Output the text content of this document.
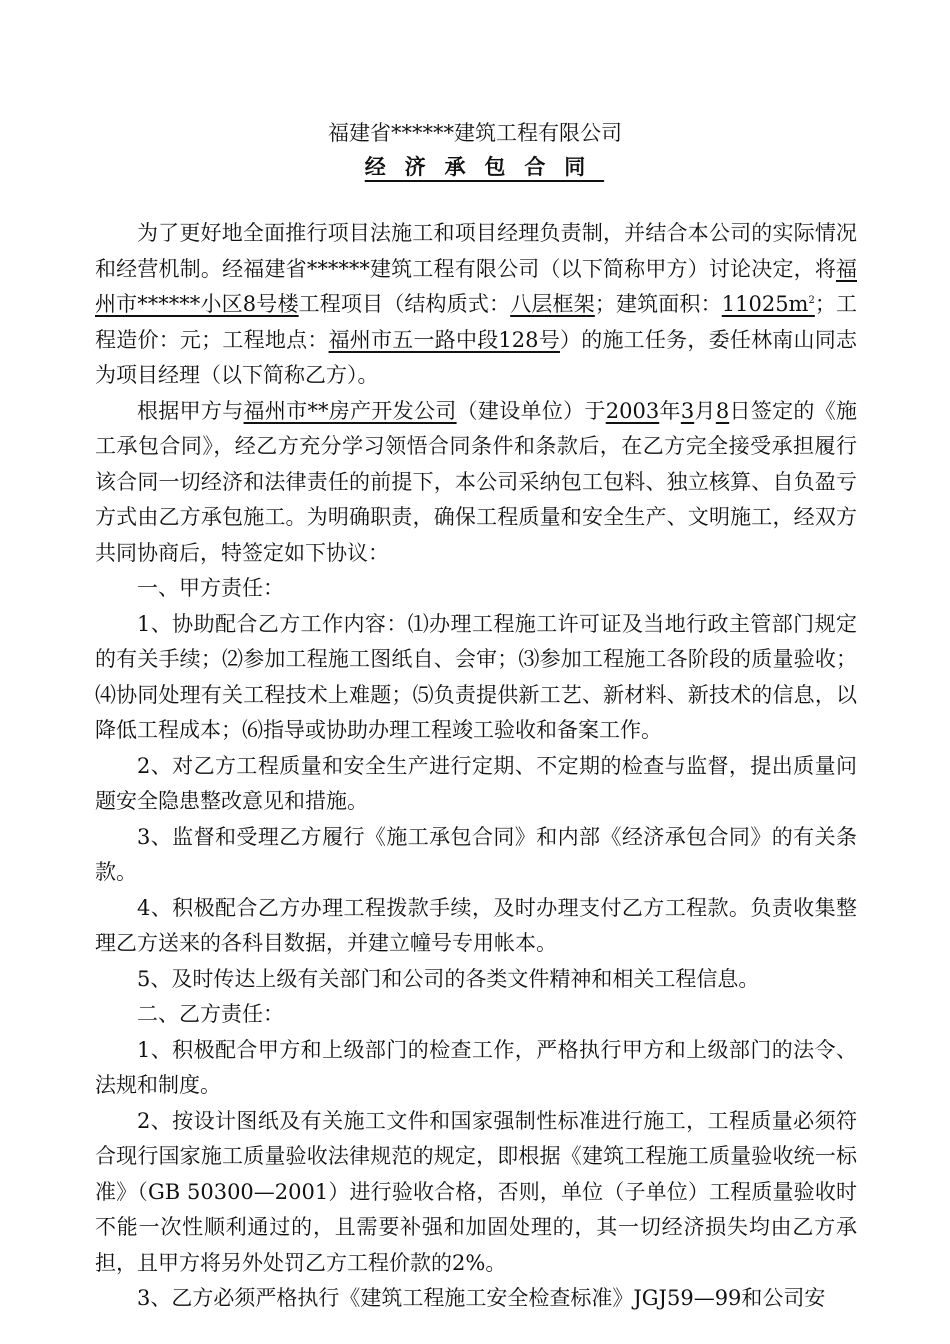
福建省******建筑工程有限公司
经济承包合同

为了更好地全面推行项目法施工和项目经理负责制，并结合本公司的实际情况和经营机制。经福建省******建筑工程有限公司（以下简称甲方）讨论决定，将福州市******小区8号楼工程项目（结构质式：八层框架；建筑面积：$11025m^2$；工程造价：元；工程地点：福州市五一路中段128号）的施工任务，委任林南山同志为项目经理（以下简称乙方）。

根据甲方与福州市**房产开发公司（建设单位）于2003年3月8日签定的《施工承包合同》，经乙方充分学习领悟合同条件和条款后，在乙方完全接受承担履行该合同一切经济和法律责任的前提下，本公司采纳包工包料、独立核算、自负盈亏方式由乙方承包施工。为明确职责，确保工程质量和安全生产、文明施工，经双方共同协商后，特签定如下协议：

一、甲方责任：

1、协助配合乙方工作内容：⑴办理工程施工许可证及当地行政主管部门规定的有关手续；⑵参加工程施工图纸自、会审；⑶参加工程施工各阶段的质量验收；⑷协同处理有关工程技术上难题；⑸负责提供新工艺、新材料、新技术的信息，以降低工程成本；⑹指导或协助办理工程竣工验收和备案工作。

2、对乙方工程质量和安全生产进行定期、不定期的检查与监督，提出质量问题安全隐患整改意见和措施。

3、监督和受理乙方履行《施工承包合同》和内部《经济承包合同》的有关条款。

4、积极配合乙方办理工程拨款手续，及时办理支付乙方工程款。负责收集整理乙方送来的各科目数据，并建立幢号专用帐本。

5、及时传达上级有关部门和公司的各类文件精神和相关工程信息。

二、乙方责任：

1、积极配合甲方和上级部门的检查工作，严格执行甲方和上级部门的法令、法规和制度。

2、按设计图纸及有关施工文件和国家强制性标准进行施工，工程质量必须符合现行国家施工质量验收法律规范的规定，即根据《建筑工程施工质量验收统一标准》（GB 50300—2001）进行验收合格，否则，单位（子单位）工程质量验收时不能一次性顺利通过的，且需要补强和加固处理的，其一切经济损失均由乙方承担，且甲方将另外处罚乙方工程价款的2%。

3、乙方必须严格执行《建筑工程施工安全检查标准》JGJ59—99和公司安
